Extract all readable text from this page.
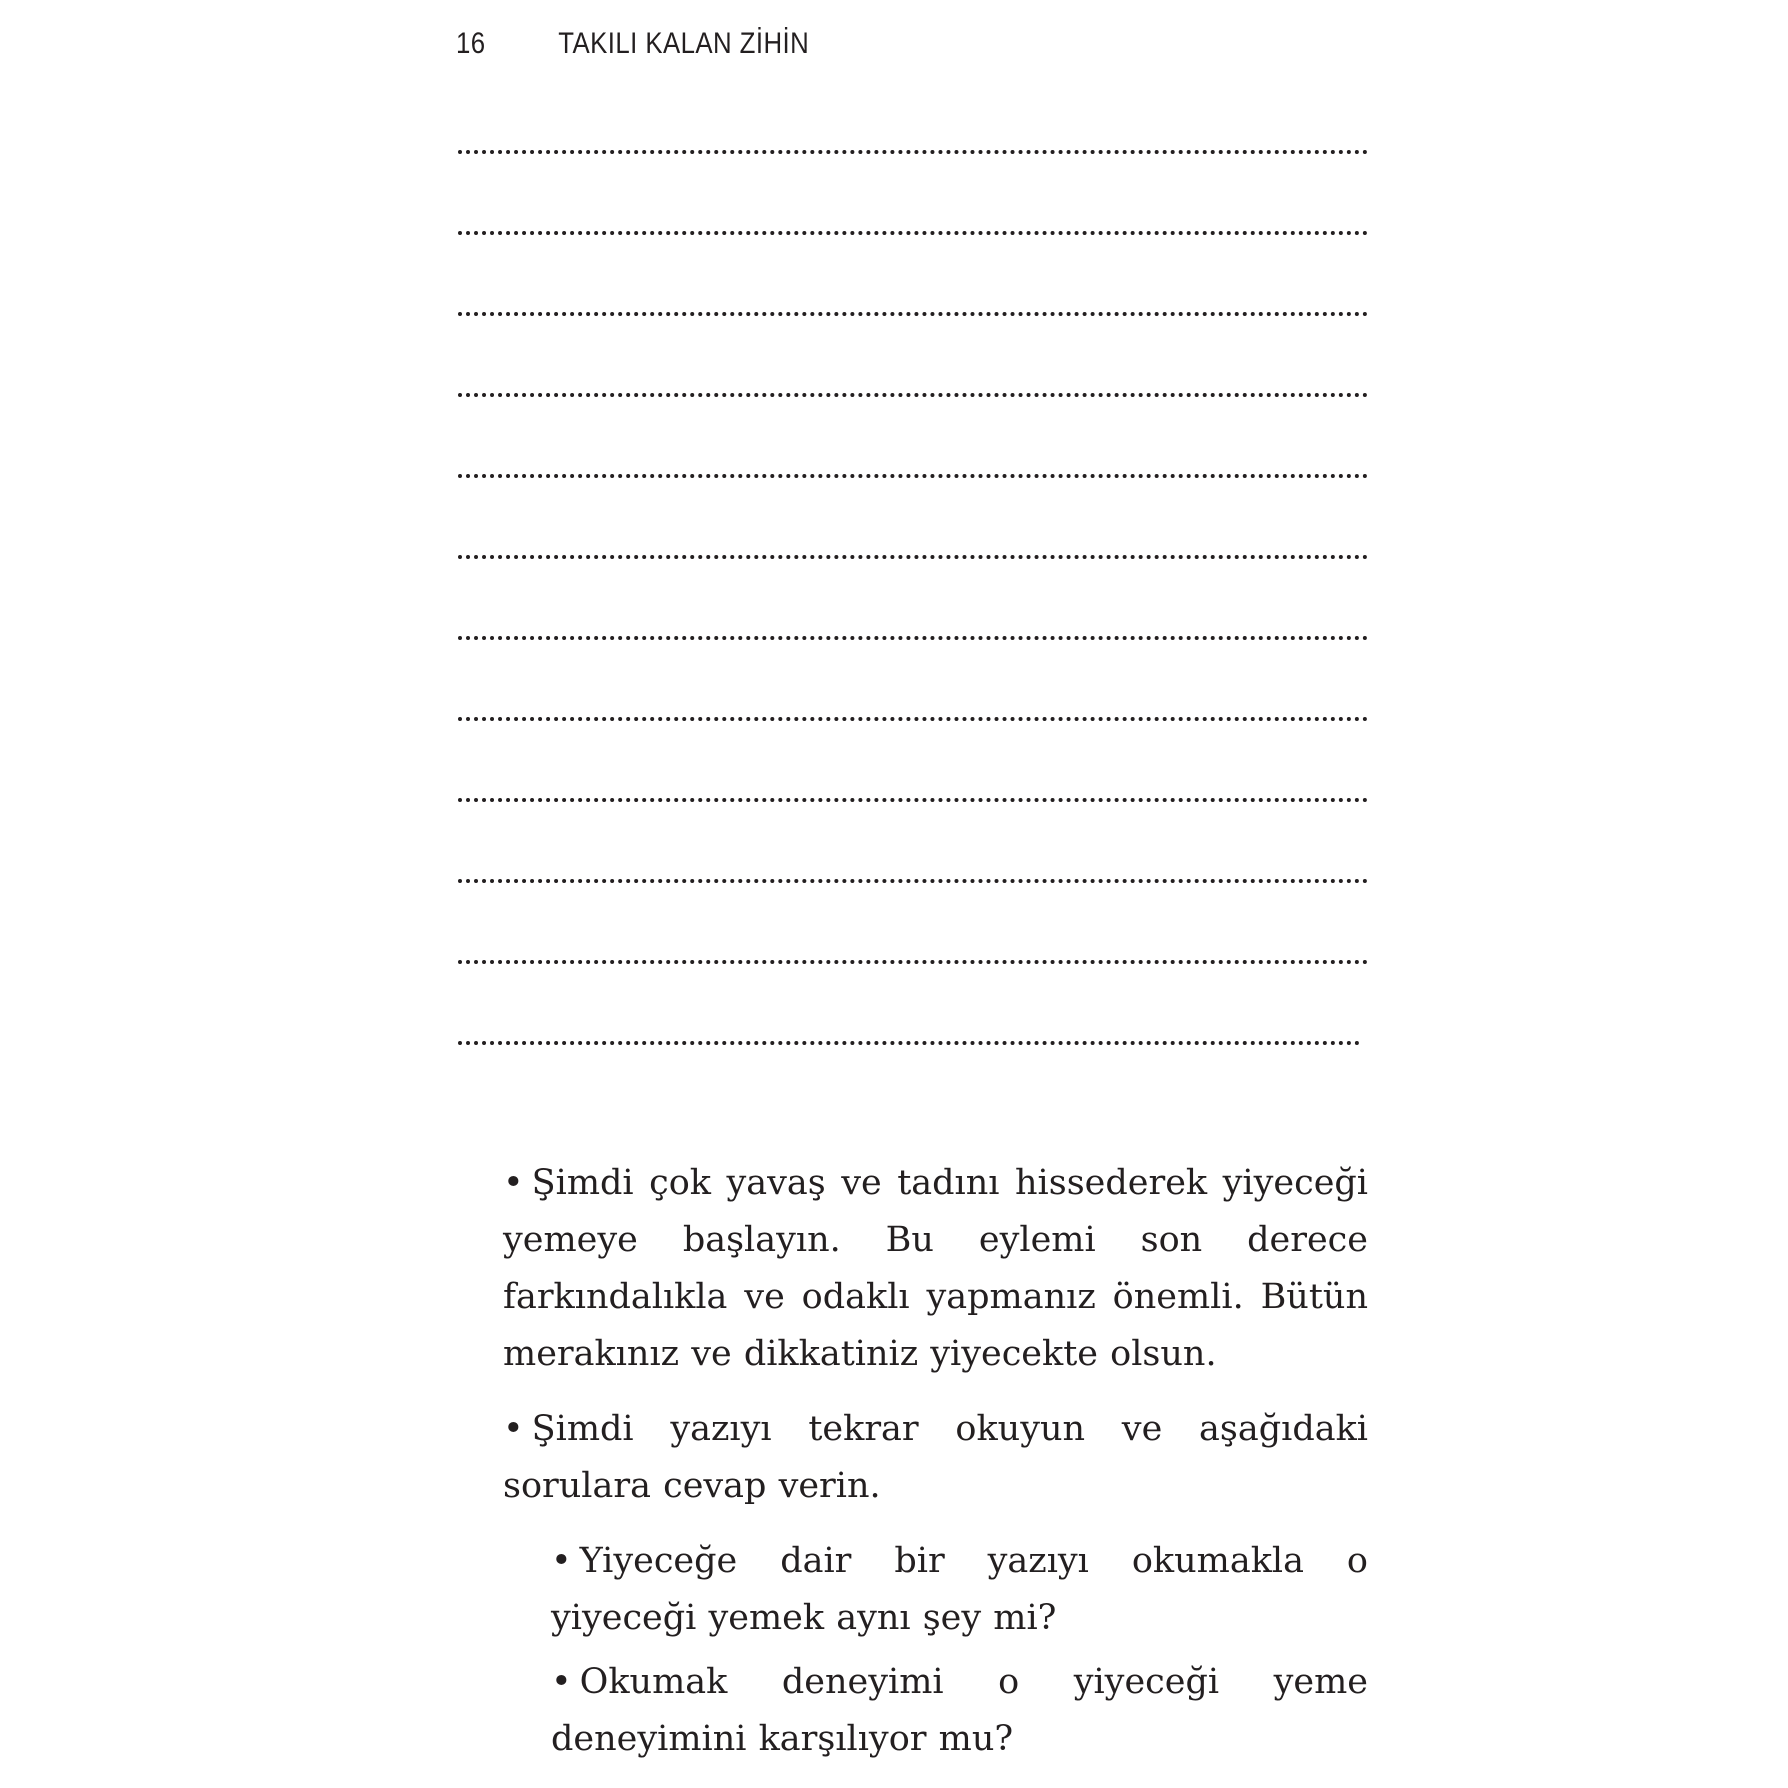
16 TAKILI KALAN ZİHİN

• Şimdi çok yavaş ve tadını hissederek yiyeceği yemeye başlayın. Bu eylemi son derece farkındalıkla ve odaklı yapmanız önemli. Bütün merakınız ve dikkatiniz yiyecekte olsun.

• Şimdi yazıyı tekrar okuyun ve aşağıdaki sorulara cevap verin.

• Yiyeceğe dair bir yazıyı okumakla o yiyeceği yemek aynı şey mi?

• Okumak deneyimi o yiyeceği yeme deneyimini karşılıyor mu?
